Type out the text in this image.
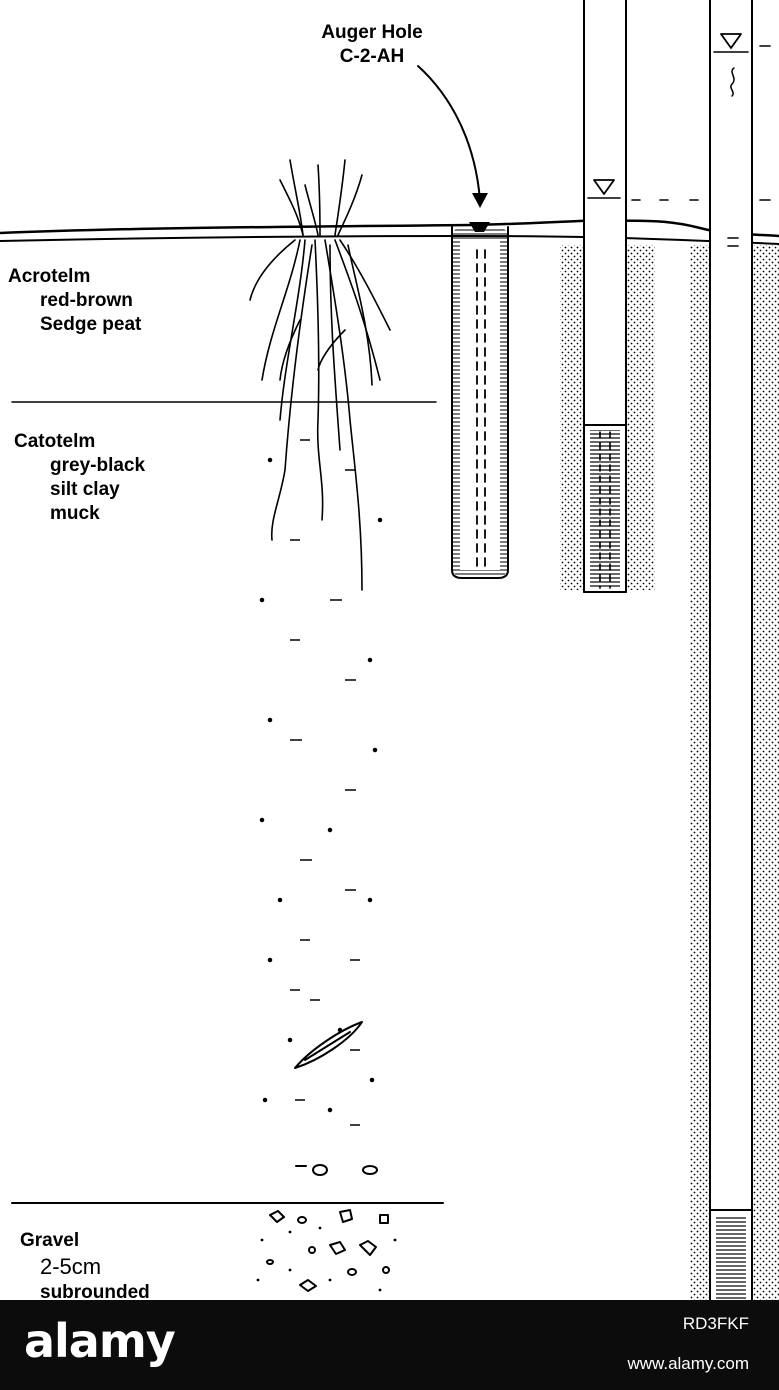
Auger Hole
C-2-AH
Acrotelm
red-brown
Sedge peat
Catotelm
grey-black
silt clay
muck
Gravel
2-5cm
subrounded
alamy	RD3FKF
www.alamy.com
